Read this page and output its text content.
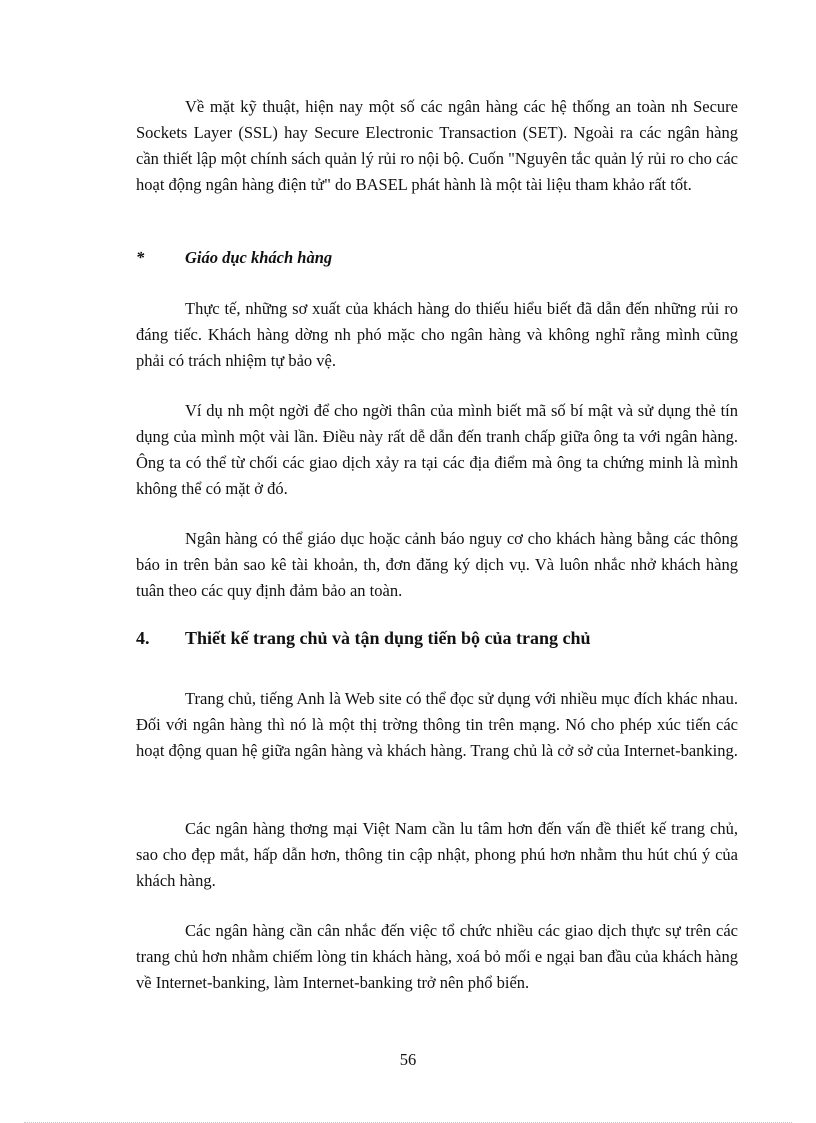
Về mặt kỹ thuật, hiện nay một số các ngân hàng các hệ thống an toàn nh Secure Sockets Layer (SSL) hay Secure Electronic Transaction (SET). Ngoài ra các ngân hàng cần thiết lập một chính sách quản lý rủi ro nội bộ. Cuốn "Nguyên tắc quản lý rủi ro cho các hoạt động ngân hàng điện tử" do BASEL phát hành là một tài liệu tham khảo rất tốt.

*	Giáo dục khách hàng

Thực tế, những sơ xuất của khách hàng do thiếu hiểu biết đã dẫn đến những rủi ro đáng tiếc. Khách hàng dờng nh phó mặc cho ngân hàng và không nghĩ rằng mình cũng phải có trách nhiệm tự bảo vệ.

Ví dụ nh một ngời để cho ngời thân của mình biết mã số bí mật và sử dụng thẻ tín dụng của mình một vài lần. Điều này rất dễ dẫn đến tranh chấp giữa ông ta với ngân hàng. Ông ta có thể từ chối các giao dịch xảy ra tại các địa điểm mà ông ta chứng minh là mình không thể có mặt ở đó.

Ngân hàng có thể giáo dục hoặc cảnh báo nguy cơ cho khách hàng bằng các thông báo in trên bản sao kê tài khoản, th, đơn đăng ký dịch vụ. Và luôn nhắc nhở khách hàng tuân theo các quy định đảm bảo an toàn.

4.	Thiết kế trang chủ và tận dụng tiến bộ của trang chủ

Trang chủ, tiếng Anh là Web site có thể đọc sử dụng với nhiều mục đích khác nhau. Đối với ngân hàng thì nó là một thị trờng thông tin trên mạng. Nó cho phép xúc tiến các hoạt động quan hệ giữa ngân hàng và khách hàng. Trang chủ là cở sở của Internet-banking.

Các ngân hàng thơng mại Việt Nam cần lu tâm hơn đến vấn đề thiết kế trang chủ, sao cho đẹp mắt, hấp dẫn hơn, thông tin cập nhật, phong phú hơn nhằm thu hút chú ý của khách hàng.

Các ngân hàng cần cân nhắc đến việc tổ chức nhiều các giao dịch thực sự trên các trang chủ hơn nhằm chiếm lòng tin khách hàng, xoá bỏ mối e ngại ban đầu của khách hàng về Internet-banking, làm Internet-banking trở nên phổ biến.

56
